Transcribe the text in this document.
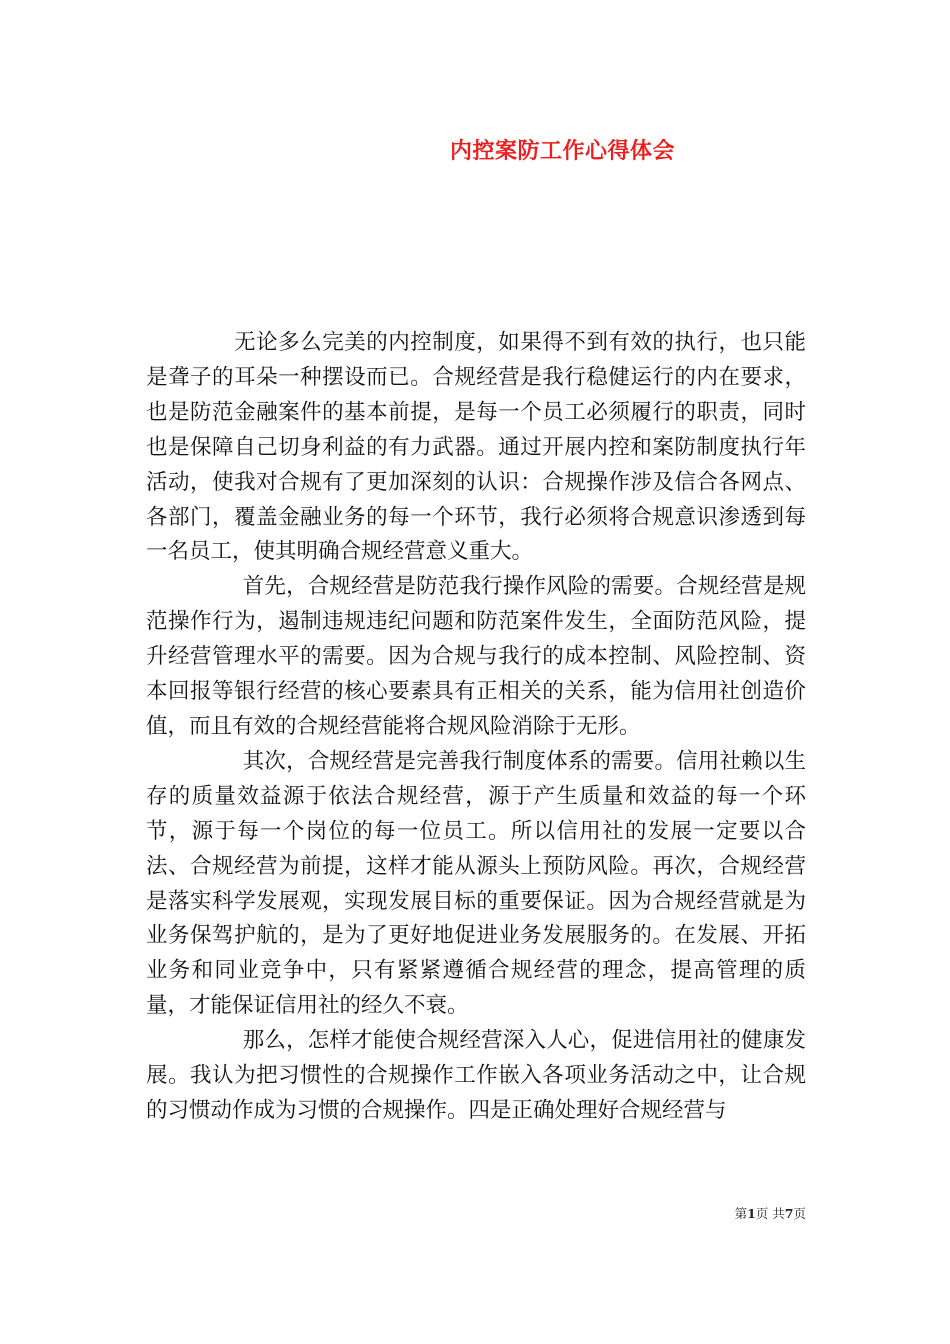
内控案防工作心得体会

无论多么完美的内控制度，如果得不到有效的执行，也只能是聋子的耳朵一种摆设而已。合规经营是我行稳健运行的内在要求，也是防范金融案件的基本前提，是每一个员工必须履行的职责，同时也是保障自己切身利益的有力武器。通过开展内控和案防制度执行年活动，使我对合规有了更加深刻的认识：合规操作涉及信合各网点、各部门，覆盖金融业务的每一个环节，我行必须将合规意识渗透到每一名员工，使其明确合规经营意义重大。

首先，合规经营是防范我行操作风险的需要。合规经营是规范操作行为，遏制违规违纪问题和防范案件发生，全面防范风险，提升经营管理水平的需要。因为合规与我行的成本控制、风险控制、资本回报等银行经营的核心要素具有正相关的关系，能为信用社创造价值，而且有效的合规经营能将合规风险消除于无形。

其次，合规经营是完善我行制度体系的需要。信用社赖以生存的质量效益源于依法合规经营，源于产生质量和效益的每一个环节，源于每一个岗位的每一位员工。所以信用社的发展一定要以合法、合规经营为前提，这样才能从源头上预防风险。再次，合规经营是落实科学发展观，实现发展目标的重要保证。因为合规经营就是为业务保驾护航的，是为了更好地促进业务发展服务的。在发展、开拓业务和同业竞争中，只有紧紧遵循合规经营的理念，提高管理的质量，才能保证信用社的经久不衰。

那么，怎样才能使合规经营深入人心，促进信用社的健康发展。我认为把习惯性的合规操作工作嵌入各项业务活动之中，让合规的习惯动作成为习惯的合规操作。四是正确处理好合规经营与

第1页 共7页
